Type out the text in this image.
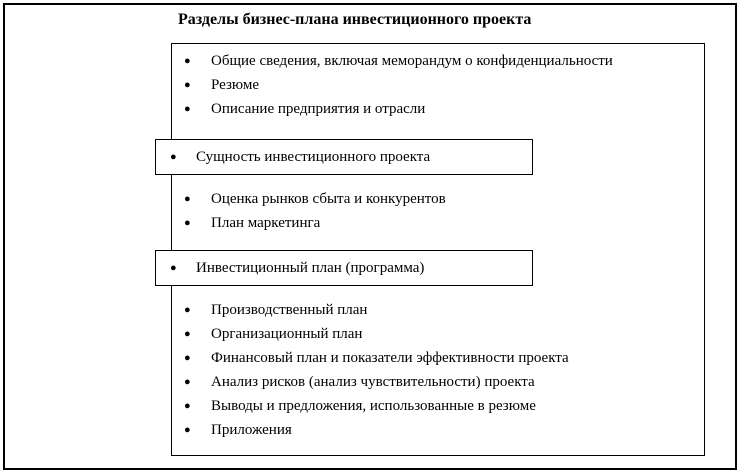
Разделы бизнес-плана инвестиционного проекта
●	Общие сведения, включая меморандум о конфиденциальности
●	Резюме
●	Описание предприятия и отрасли
●	Сущность инвестиционного проекта
●	Оценка рынков сбыта и конкурентов
●	План маркетинга
●	Инвестиционный план (программа)
●	Производственный план
●	Организационный план
●	Финансовый план и показатели эффективности проекта
●	Анализ рисков (анализ чувствительности) проекта
●	Выводы и предложения, использованные в резюме
●	Приложения
